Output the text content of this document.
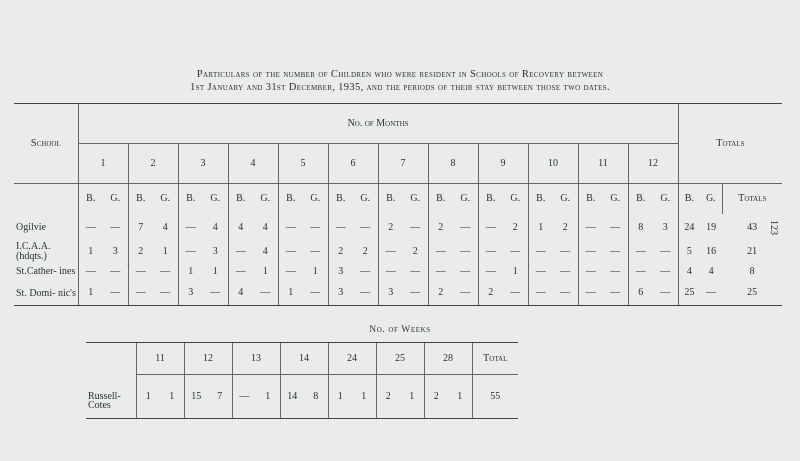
Particulars of the number of Children who were resident in Schools of Recovery between
1st January and 31st December, 1935, and the periods of their stay between those two dates.
School	No. of Months																								Totals		
	1		2		3		4		5		6		7		8		9		10		11		12				
	B.	G.	B.	G.	B.	G.	B.	G.	B.	G.	B.	G.	B.	G.	B.	G.	B.	G.	B.	G.	B.	G.	B.	G.	B.	G.	Totals
Ogilvie	—	—	7	4	—	4	4	4	—	—	—	—	2	—	2	—	—	2	1	2	—	—	8	3	24	19	43
I.C.A.A. (hdqts.)	1	3	2	1	—	3	—	4	—	—	2	2	—	2	—	—	—	—	—	—	—	—	—	—	5	16	21
St.Cather- ines	—	—	—	—	1	1	—	1	—	1	3	—	—	—	—	—	—	1	—	—	—	—	—	—	4	4	8
St. Domi- nic's	1	—	—	—	3	—	4	—	1	—	3	—	3	—	2	—	2	—	—	—	—	—	6	—	25	—	25
No. of Weeks
	11		12		13		14		24		25		28		Total
Russell- Cotes	1	1	15	7	—	1	14	8	1	1	2	1	2	1	55
123
